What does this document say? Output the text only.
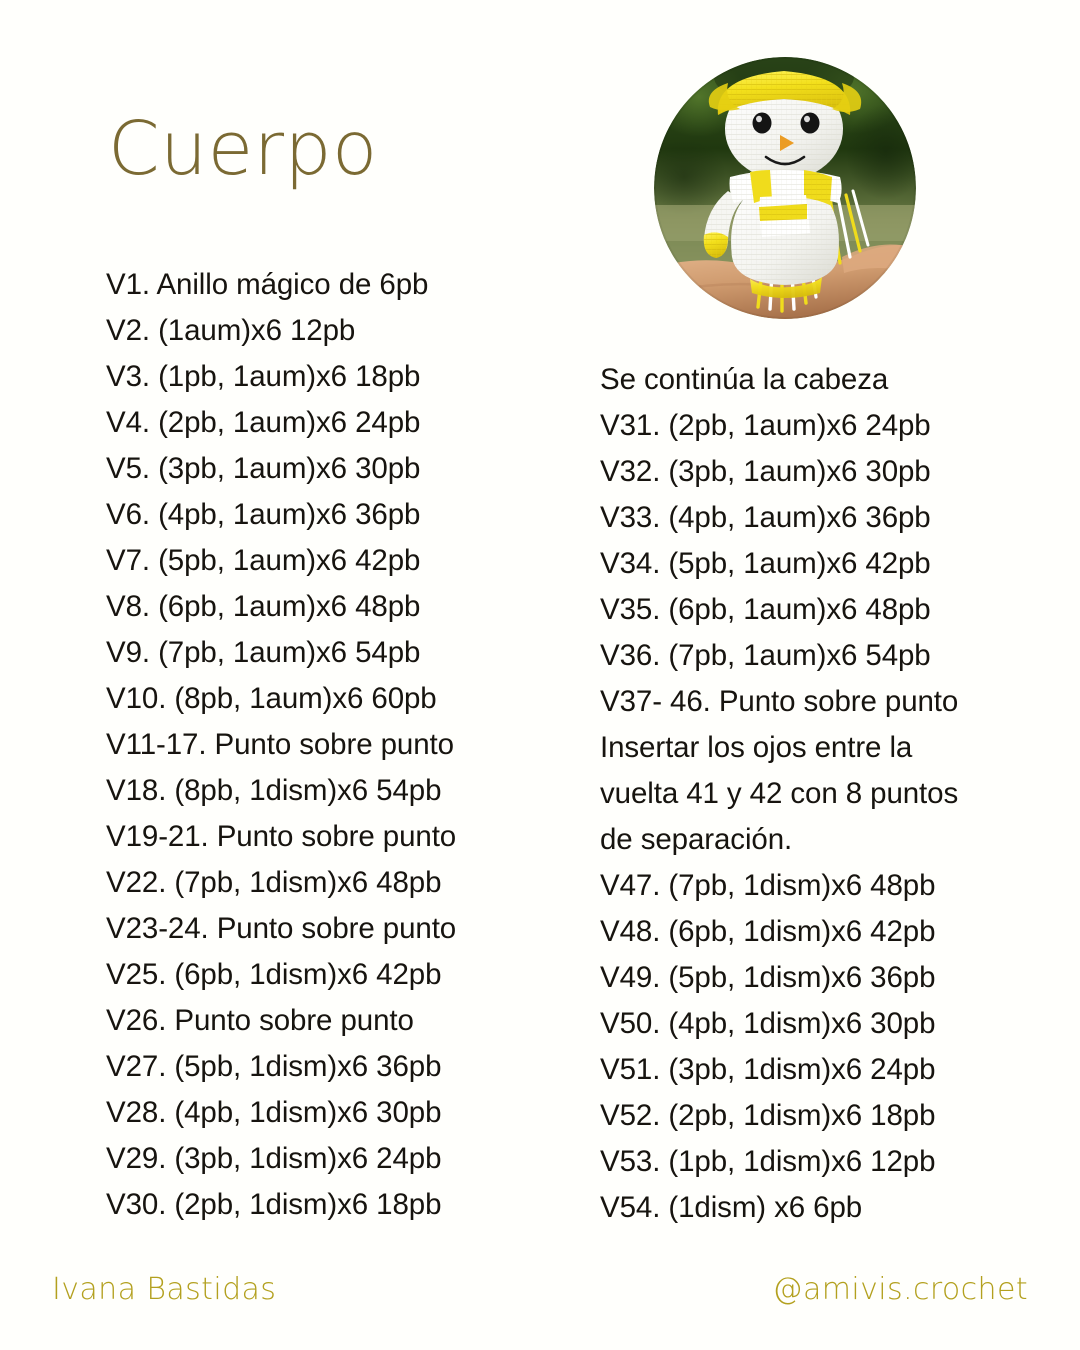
Cuerpo
V1. Anillo mágico de 6pb
V2. (1aum)x6 12pb
V3. (1pb, 1aum)x6 18pb
V4. (2pb, 1aum)x6 24pb
V5. (3pb, 1aum)x6 30pb
V6. (4pb, 1aum)x6 36pb
V7. (5pb, 1aum)x6 42pb
V8. (6pb, 1aum)x6 48pb
V9. (7pb, 1aum)x6 54pb
V10. (8pb, 1aum)x6 60pb
V11-17. Punto sobre punto
V18. (8pb, 1dism)x6 54pb
V19-21. Punto sobre punto
V22. (7pb, 1dism)x6 48pb
V23-24. Punto sobre punto
V25. (6pb, 1dism)x6 42pb
V26. Punto sobre punto
V27. (5pb, 1dism)x6 36pb
V28. (4pb, 1dism)x6 30pb
V29. (3pb, 1dism)x6 24pb
V30. (2pb, 1dism)x6 18pb
Se continúa la cabeza
V31. (2pb, 1aum)x6 24pb
V32. (3pb, 1aum)x6 30pb
V33. (4pb, 1aum)x6 36pb
V34. (5pb, 1aum)x6 42pb
V35. (6pb, 1aum)x6 48pb
V36. (7pb, 1aum)x6 54pb
V37- 46. Punto sobre punto
Insertar los ojos entre la
vuelta 41 y 42 con 8 puntos
de separación.
V47. (7pb, 1dism)x6 48pb
V48. (6pb, 1dism)x6 42pb
V49. (5pb, 1dism)x6 36pb
V50. (4pb, 1dism)x6 30pb
V51. (3pb, 1dism)x6 24pb
V52. (2pb, 1dism)x6 18pb
V53. (1pb, 1dism)x6 12pb
V54. (1dism) x6 6pb
Ivana Bastidas	@amivis.crochet
